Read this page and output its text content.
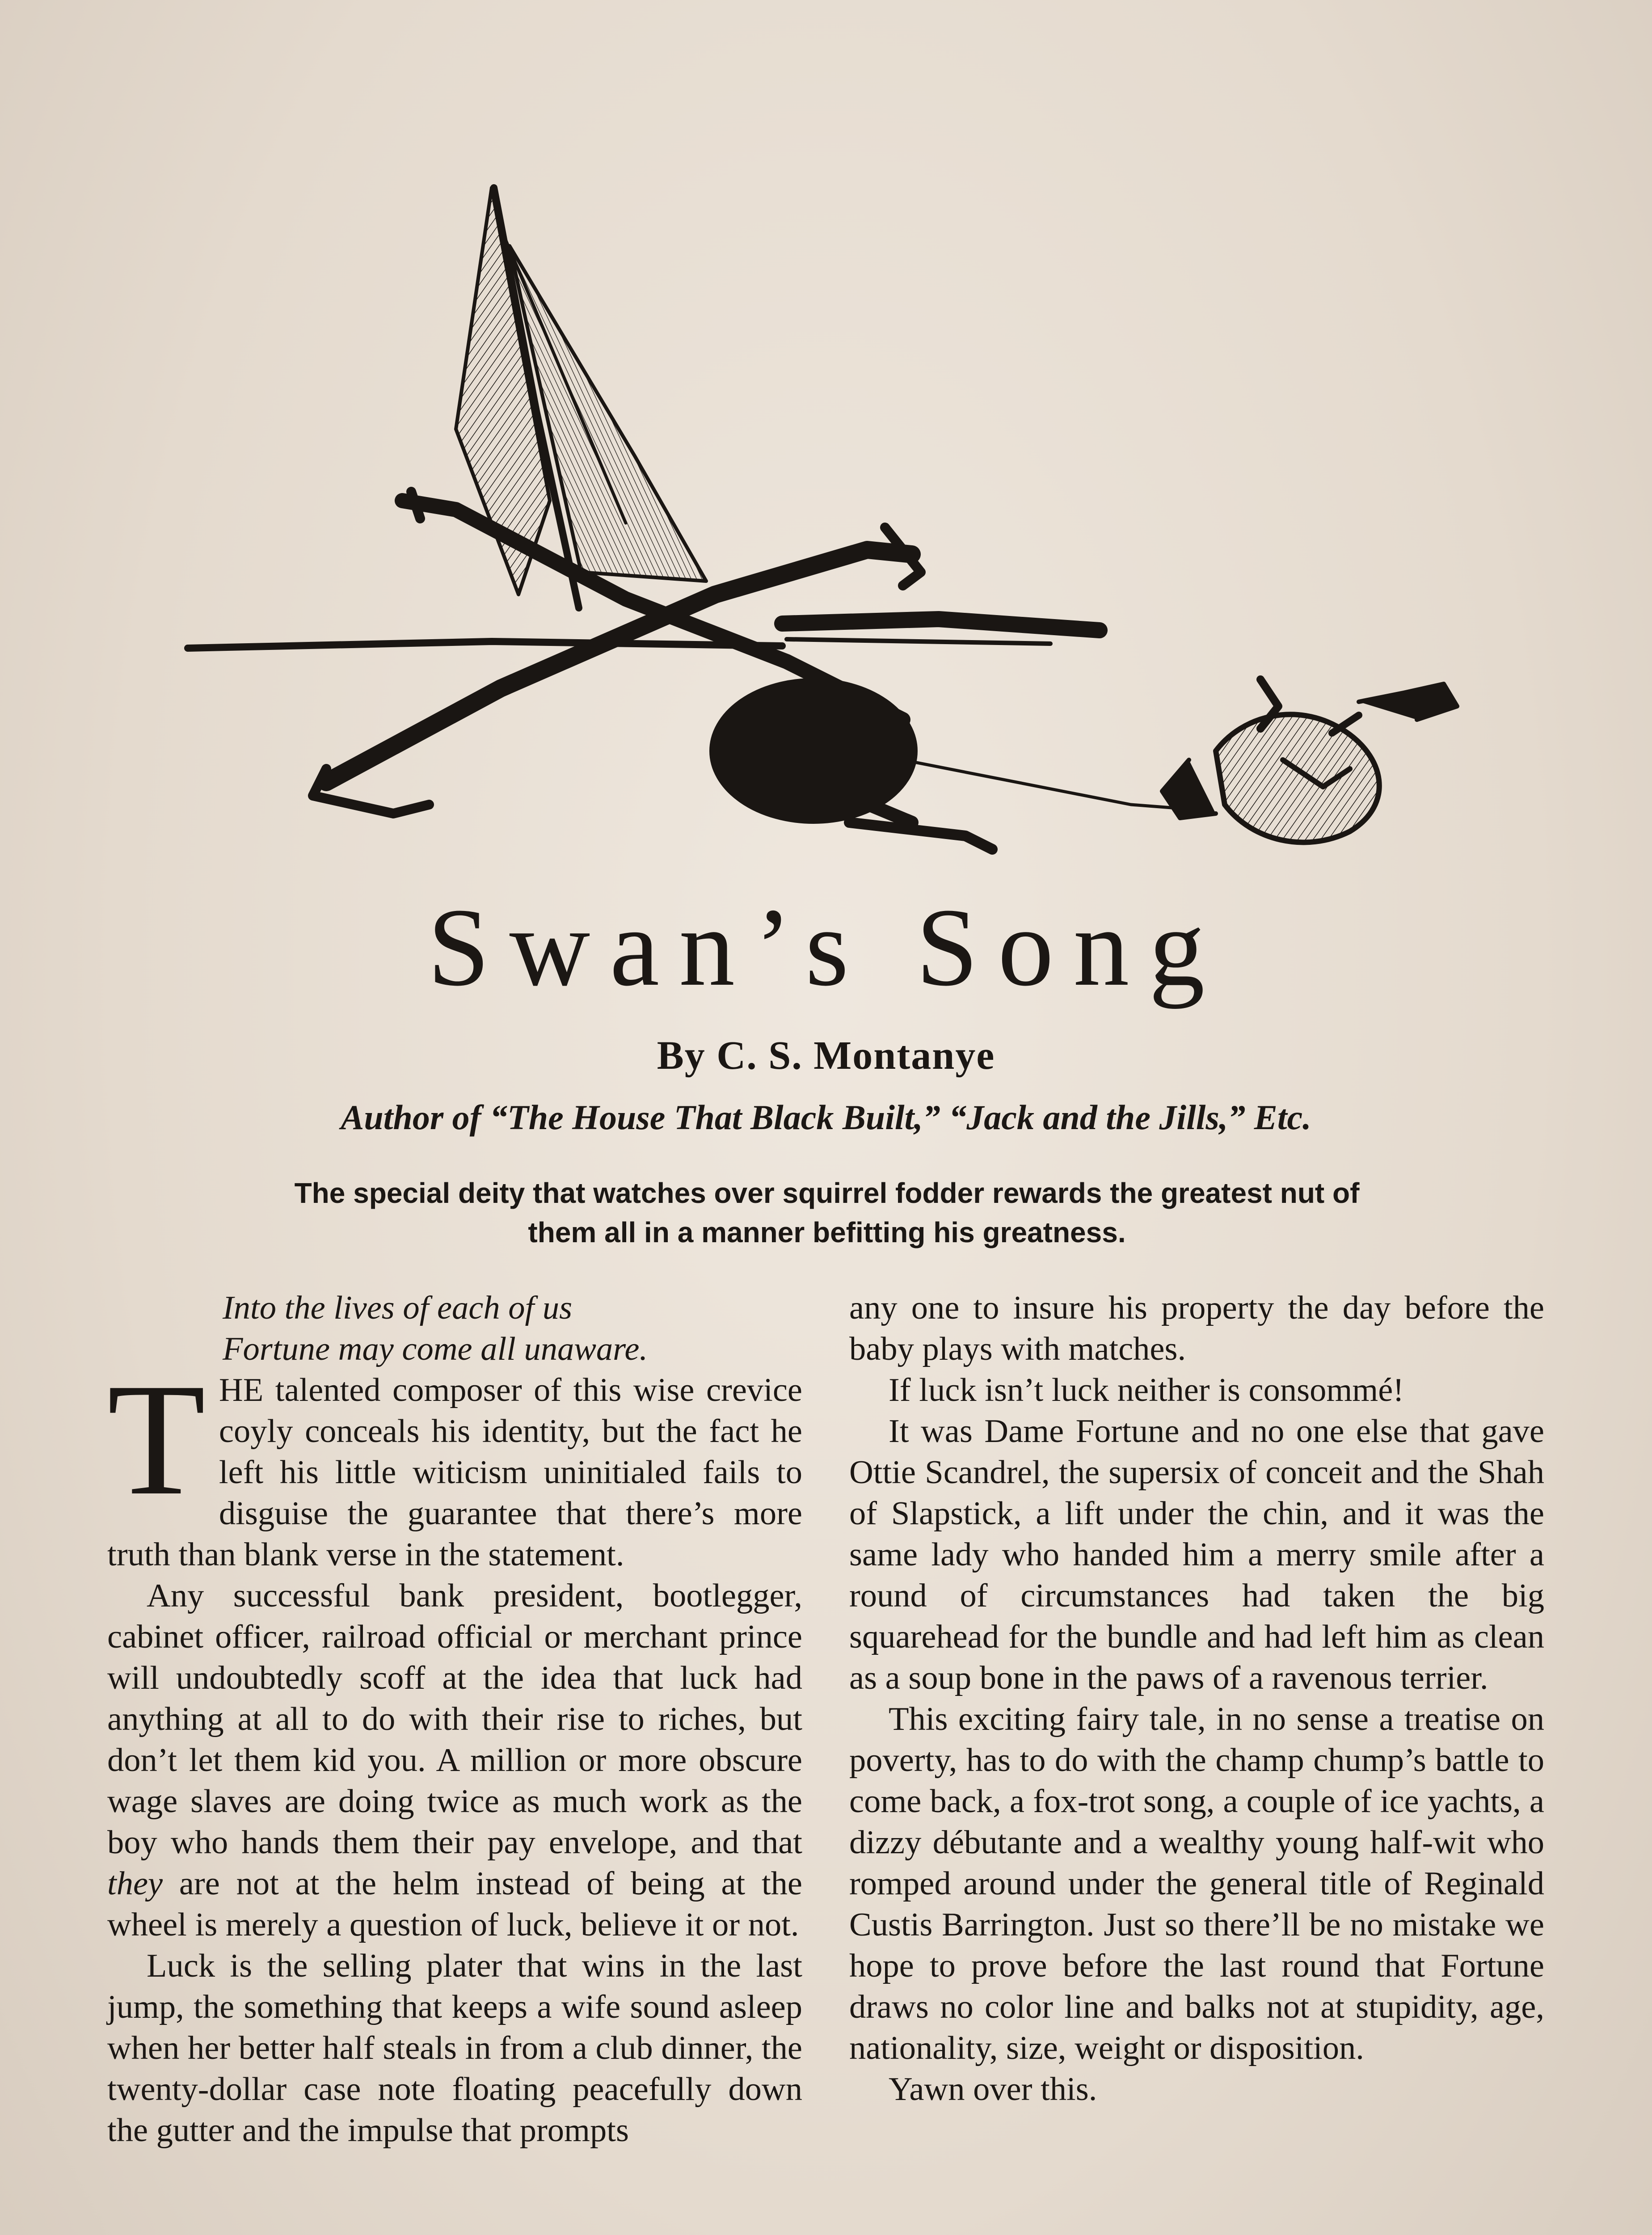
Swan’s Song
By C. S. Montanye
Author of “The House That Black Built,” “Jack and the Jills,” Etc.
The special deity that watches over squirrel fodder rewards the greatest nut of them all in a manner befitting his greatness.
Into the lives of each of us
Fortune may come all unaware.

THE talented composer of this wise crevice coyly conceals his identity, but the fact he left his little witicism uninitialed fails to disguise the guarantee that there’s more truth than blank verse in the statement.

Any successful bank president, bootlegger, cabinet officer, railroad official or merchant prince will undoubtedly scoff at the idea that luck had anything at all to do with their rise to riches, but don’t let them kid you. A million or more obscure wage slaves are doing twice as much work as the boy who hands them their pay envelope, and that they are not at the helm instead of being at the wheel is merely a question of luck, believe it or not.

Luck is the selling plater that wins in the last jump, the something that keeps a wife sound asleep when her better half steals in from a club dinner, the twenty-dollar case note floating peacefully down the gutter and the impulse that prompts

any one to insure his property the day before the baby plays with matches.

If luck isn’t luck neither is consommé!

It was Dame Fortune and no one else that gave Ottie Scandrel, the supersix of conceit and the Shah of Slapstick, a lift under the chin, and it was the same lady who handed him a merry smile after a round of circumstances had taken the big squarehead for the bundle and had left him as clean as a soup bone in the paws of a ravenous terrier.

This exciting fairy tale, in no sense a treatise on poverty, has to do with the champ chump’s battle to come back, a fox-trot song, a couple of ice yachts, a dizzy débutante and a wealthy young half-wit who romped around under the general title of Reginald Custis Barrington. Just so there’ll be no mistake we hope to prove before the last round that Fortune draws no color line and balks not at stupidity, age, nationality, size, weight or disposition.

Yawn over this.
